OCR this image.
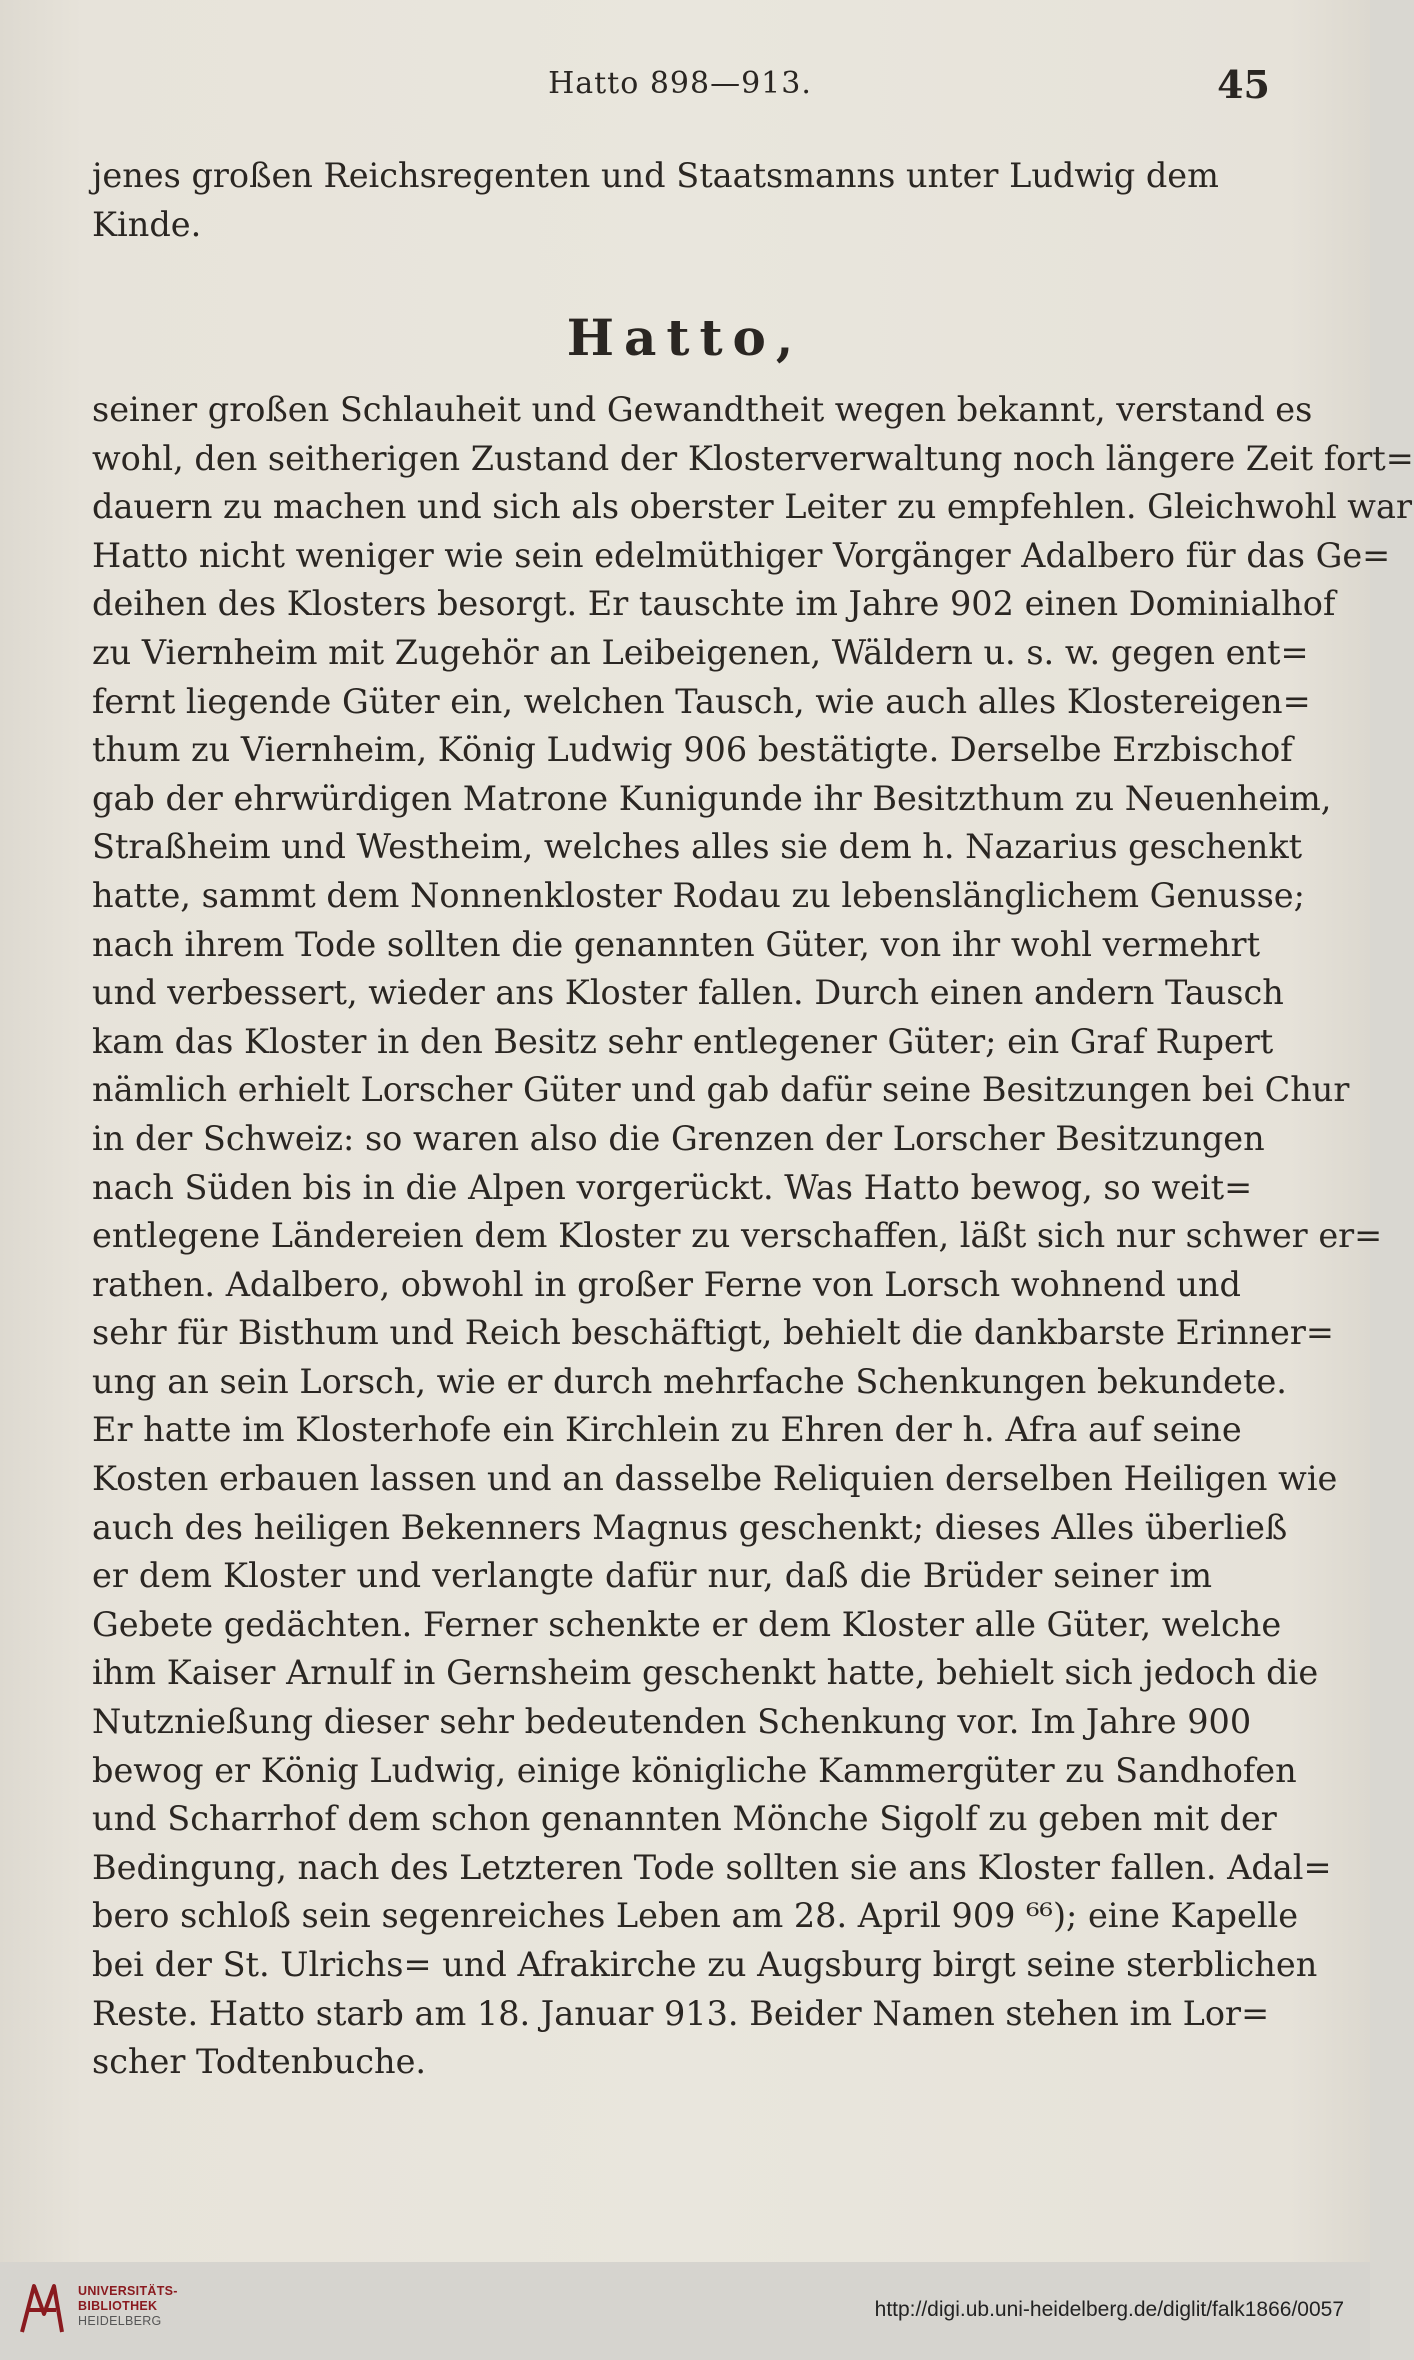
Hatto 898—913.	45
jenes großen Reichsregenten und Staatsmanns unter Ludwig dem
Kinde.
Hatto,
seiner großen Schlauheit und Gewandtheit wegen bekannt, verstand es
wohl, den seitherigen Zustand der Klosterverwaltung noch längere Zeit fort=
dauern zu machen und sich als oberster Leiter zu empfehlen. Gleichwohl war
Hatto nicht weniger wie sein edelmüthiger Vorgänger Adalbero für das Ge=
deihen des Klosters besorgt. Er tauschte im Jahre 902 einen Dominialhof
zu Viernheim mit Zugehör an Leibeigenen, Wäldern u. s. w. gegen ent=
fernt liegende Güter ein, welchen Tausch, wie auch alles Klostereigen=
thum zu Viernheim, König Ludwig 906 bestätigte. Derselbe Erzbischof
gab der ehrwürdigen Matrone Kunigunde ihr Besitzthum zu Neuenheim,
Straßheim und Westheim, welches alles sie dem h. Nazarius geschenkt
hatte, sammt dem Nonnenkloster Rodau zu lebenslänglichem Genusse;
nach ihrem Tode sollten die genannten Güter, von ihr wohl vermehrt
und verbessert, wieder ans Kloster fallen. Durch einen andern Tausch
kam das Kloster in den Besitz sehr entlegener Güter; ein Graf Rupert
nämlich erhielt Lorscher Güter und gab dafür seine Besitzungen bei Chur
in der Schweiz: so waren also die Grenzen der Lorscher Besitzungen
nach Süden bis in die Alpen vorgerückt. Was Hatto bewog, so weit=
entlegene Ländereien dem Kloster zu verschaffen, läßt sich nur schwer er=
rathen. Adalbero, obwohl in großer Ferne von Lorsch wohnend und
sehr für Bisthum und Reich beschäftigt, behielt die dankbarste Erinner=
ung an sein Lorsch, wie er durch mehrfache Schenkungen bekundete.
Er hatte im Klosterhofe ein Kirchlein zu Ehren der h. Afra auf seine
Kosten erbauen lassen und an dasselbe Reliquien derselben Heiligen wie
auch des heiligen Bekenners Magnus geschenkt; dieses Alles überließ
er dem Kloster und verlangte dafür nur, daß die Brüder seiner im
Gebete gedächten. Ferner schenkte er dem Kloster alle Güter, welche
ihm Kaiser Arnulf in Gernsheim geschenkt hatte, behielt sich jedoch die
Nutznießung dieser sehr bedeutenden Schenkung vor. Im Jahre 900
bewog er König Ludwig, einige königliche Kammergüter zu Sandhofen
und Scharrhof dem schon genannten Mönche Sigolf zu geben mit der
Bedingung, nach des Letzteren Tode sollten sie ans Kloster fallen. Adal=
bero schloß sein segenreiches Leben am 28. April 909 ⁶⁶); eine Kapelle
bei der St. Ulrichs= und Afrakirche zu Augsburg birgt seine sterblichen
Reste. Hatto starb am 18. Januar 913. Beider Namen stehen im Lor=
scher Todtenbuche.
UNIVERSITÄTS-
BIBLIOTHEK
HEIDELBERG	http://digi.ub.uni-heidelberg.de/diglit/falk1866/0057
